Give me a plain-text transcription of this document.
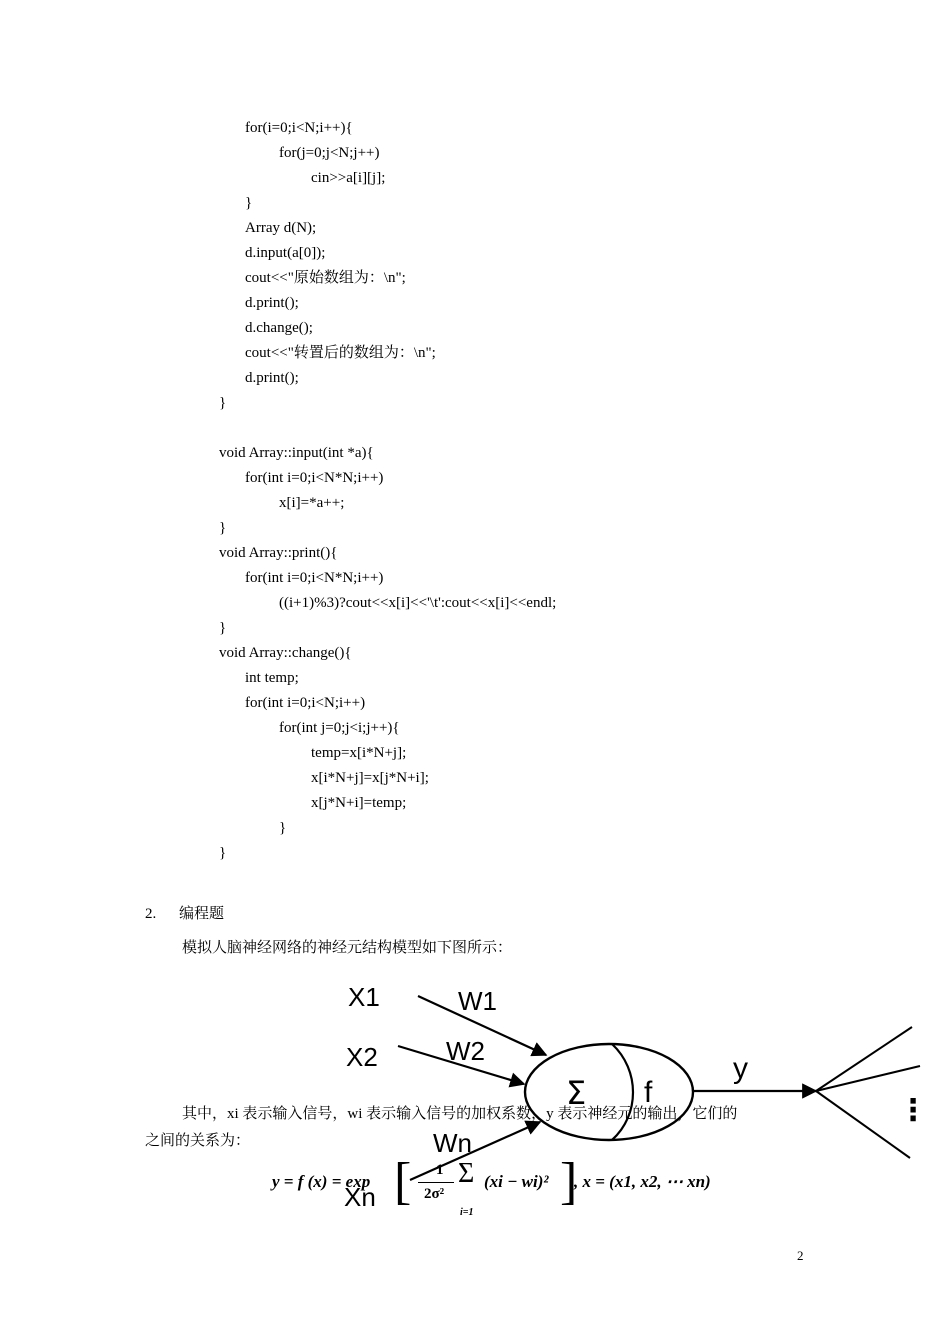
for(i=0;i<N;i++){
for(j=0;j<N;j++)
cin>>a[i][j];
}
Array d(N);
d.input(a[0]);
cout<<"原始数组为：\n";
d.print();
d.change();
cout<<"转置后的数组为：\n";
d.print();
}
void Array::input(int *a){
for(int i=0;i<N*N;i++)
x[i]=*a++;
}
void Array::print(){
for(int i=0;i<N*N;i++)
((i+1)%3)?cout<<x[i]<<'\t':cout<<x[i]<<endl;
}
void Array::change(){
int temp;
for(int i=0;i<N;i++)
for(int j=0;j<i;j++){
temp=x[i*N+j];
x[i*N+j]=x[j*N+i];
x[j*N+i]=temp;
}
}
2. 编程题
模拟人脑神经网络的神经元结构模型如下图所示：
X1
X2
Xn
W1
W2
Wn
Σ f
y
⋮
其中，xi 表示输入信号，wi 表示输入信号的加权系数，y 表示神经元的输出，它们的
之间的关系为：
y = f (x) = exp [ 1
2σ²
Σ
i=1
(xi − wi)² ]
, x = (x1, x2, ⋯ xn)
2
